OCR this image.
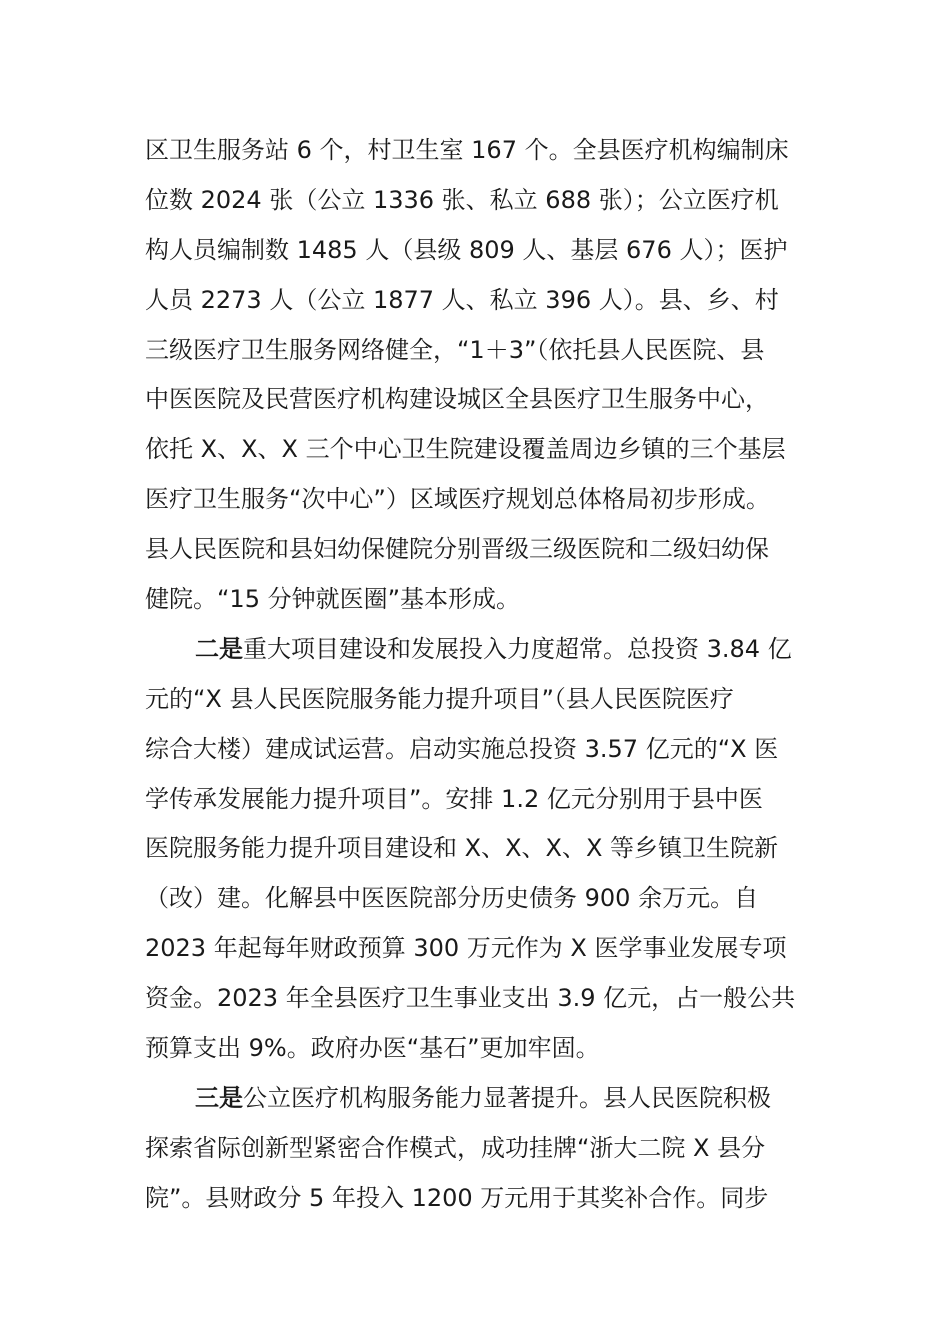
区卫生服务站 6 个，村卫生室 167 个。全县医疗机构编制床
位数 2024 张（公立 1336 张、私立 688 张）；公立医疗机
构人员编制数 1485 人（县级 809 人、基层 676 人）；医护
人员 2273 人（公立 1877 人、私立 396 人）。县、乡、村
三级医疗卫生服务网络健全，“1＋3”（依托县人民医院、县
中医医院及民营医疗机构建设城区全县医疗卫生服务中心，
依托 X、X、X 三个中心卫生院建设覆盖周边乡镇的三个基层
医疗卫生服务“次中心”）区域医疗规划总体格局初步形成。
县人民医院和县妇幼保健院分别晋级三级医院和二级妇幼保
健院。“15 分钟就医圈”基本形成。
二是重大项目建设和发展投入力度超常。总投资 3.84 亿
元的“X 县人民医院服务能力提升项目”（县人民医院医疗
综合大楼）建成试运营。启动实施总投资 3.57 亿元的“X 医
学传承发展能力提升项目”。安排 1.2 亿元分别用于县中医
医院服务能力提升项目建设和 X、X、X、X 等乡镇卫生院新
（改）建。化解县中医医院部分历史债务 900 余万元。自
2023 年起每年财政预算 300 万元作为 X 医学事业发展专项
资金。2023 年全县医疗卫生事业支出 3.9 亿元，占一般公共
预算支出 9%。政府办医“基石”更加牢固。
三是公立医疗机构服务能力显著提升。县人民医院积极
探索省际创新型紧密合作模式，成功挂牌“浙大二院 X 县分
院”。县财政分 5 年投入 1200 万元用于其奖补合作。同步
